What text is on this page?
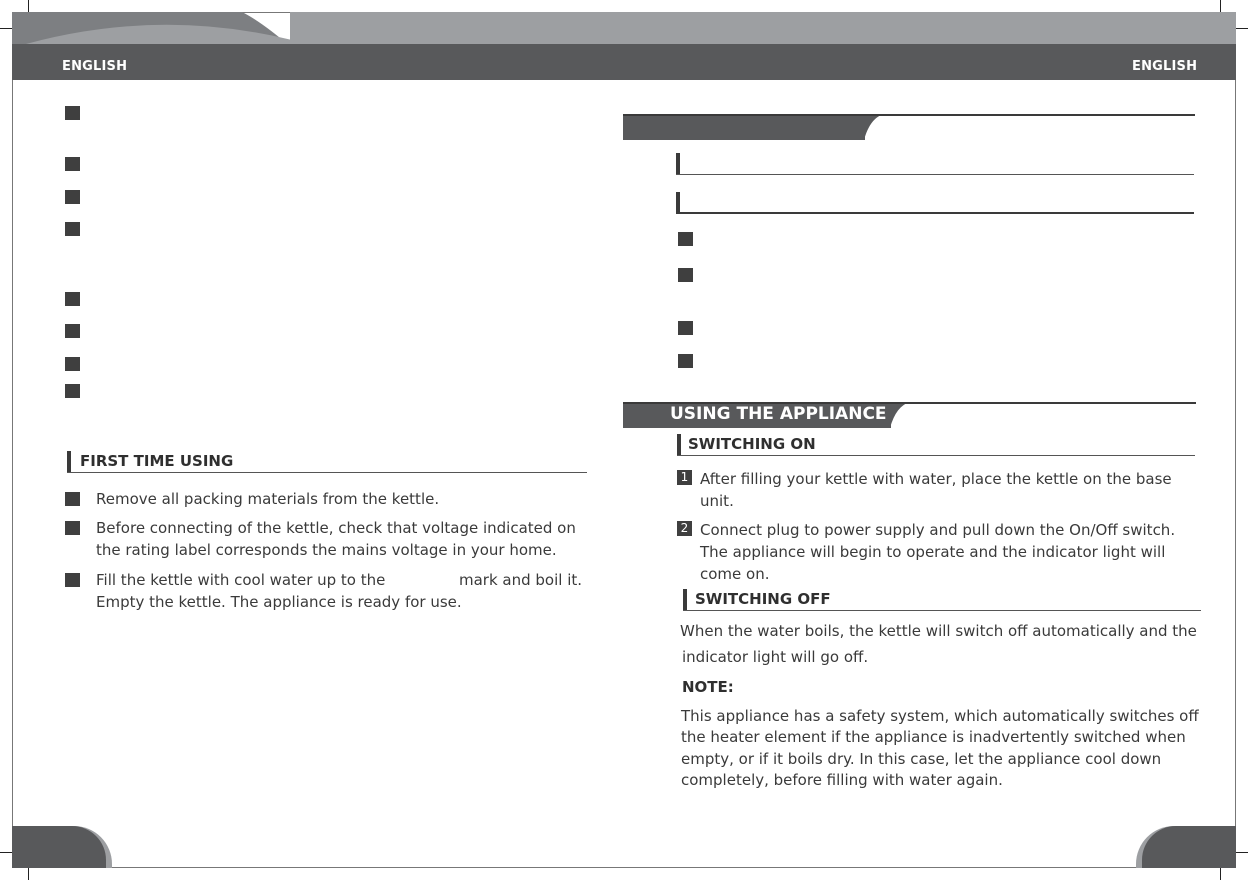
ENGLISH	ENGLISH
FIRST TIME USING
Remove all packing materials from the kettle.
Before connecting of the kettle, check that voltage indicated on
the rating label corresponds the mains voltage in your home.
Fill the kettle with cool water up to the	mark and boil it.
Empty the kettle. The appliance is ready for use.
USING THE APPLIANCE
SWITCHING ON
1 After filling your kettle with water, place the kettle on the base
unit.
2 Connect plug to power supply and pull down the On/Off switch.
The appliance will begin to operate and the indicator light will
come on.
SWITCHING OFF
When the water boils, the kettle will switch off automatically and the
indicator light will go off.
NOTE:
This appliance has a safety system, which automatically switches off
the heater element if the appliance is inadvertently switched when
empty, or if it boils dry. In this case, let the appliance cool down
completely, before filling with water again.
